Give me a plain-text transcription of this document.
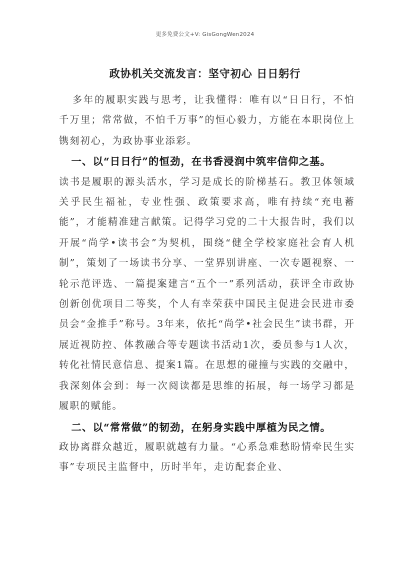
更多免费公文+V: GisGongWen2024
政协机关交流发言：坚守初心 日日躬行

多年的履职实践与思考，让我懂得：唯有以“日日行，不怕千万里；常常做，不怕千万事”的恒心毅力，方能在本职岗位上镌刻初心，为政协事业添彩。

一、以“日日行”的恒劲，在书香浸润中筑牢信仰之基。

读书是履职的源头活水，学习是成长的阶梯基石。教卫体领域关乎民生福祉，专业性强、政策要求高，唯有持续“充电蓄能”，才能精准建言献策。记得学习党的二十大报告时，我们以开展“尚学•读书会”为契机，围绕“健全学校家庭社会育人机制”，策划了一场读书分享、一堂界别讲座、一次专题视察、一轮示范评选、一篇提案建言“五个一”系列活动，获评全市政协创新创优项目二等奖，个人有幸荣获中国民主促进会民进市委员会“金推手”称号。3年来，依托“尚学•社会民生”读书群，开展近视防控、体教融合等专题读书活动1次，委员参与1人次，转化社情民意信息、提案1篇。在思想的碰撞与实践的交融中，我深刻体会到：每一次阅读都是思维的拓展，每一场学习都是履职的赋能。

二、以“常常做”的韧劲，在躬身实践中厚植为民之情。

政协离群众越近，履职就越有力量。“心系急难愁盼情牵民生实事”专项民主监督中，历时半年，走访配套企业、
